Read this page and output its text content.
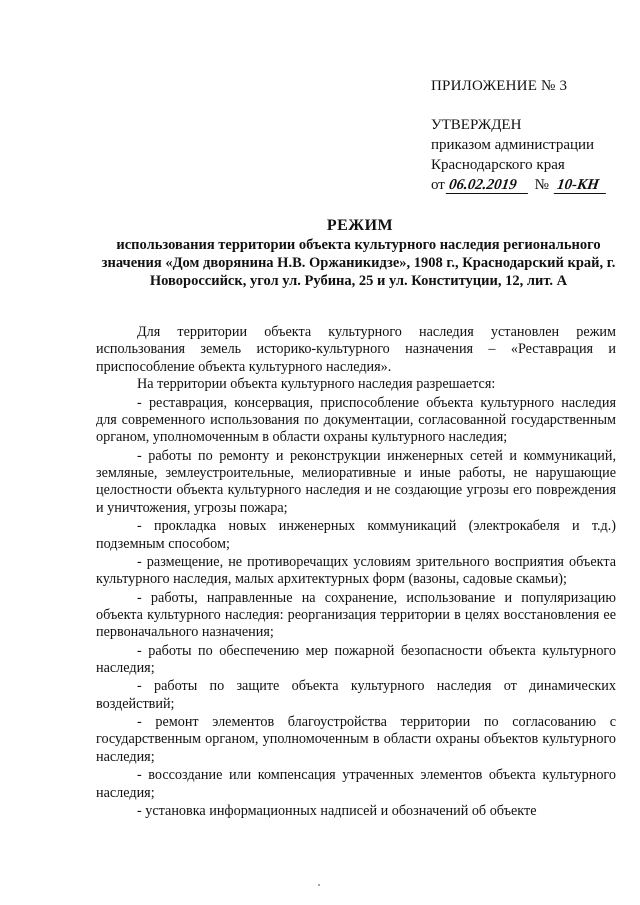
ПРИЛОЖЕНИЕ № 3
УТВЕРЖДЕН
приказом администрации
Краснодарского края
от 06.02.2019 № 10-КН
РЕЖИМ
использования территории объекта культурного наследия регионального значения «Дом дворянина Н.В. Оржаникидзе», 1908 г., Краснодарский край, г. Новороссийск, угол ул. Рубина, 25 и ул. Конституции, 12, лит. А

Для территории объекта культурного наследия установлен режим использования земель историко-культурного назначения – «Реставрация и приспособление объекта культурного наследия».

На территории объекта культурного наследия разрешается:

- реставрация, консервация, приспособление объекта культурного наследия для современного использования по документации, согласованной государственным органом, уполномоченным в области охраны культурного наследия;

- работы по ремонту и реконструкции инженерных сетей и коммуникаций, земляные, землеустроительные, мелиоративные и иные работы, не нарушающие целостности объекта культурного наследия и не создающие угрозы его повреждения и уничтожения, угрозы пожара;

- прокладка новых инженерных коммуникаций (электрокабеля и т.д.) подземным способом;

- размещение, не противоречащих условиям зрительного восприятия объекта культурного наследия, малых архитектурных форм (вазоны, садовые скамьи);

- работы, направленные на сохранение, использование и популяризацию объекта культурного наследия: реорганизация территории в целях восстановления ее первоначального назначения;

- работы по обеспечению мер пожарной безопасности объекта культурного наследия;

- работы по защите объекта культурного наследия от динамических воздействий;

- ремонт элементов благоустройства территории по согласованию с государственным органом, уполномоченным в области охраны объектов культурного наследия;

- воссоздание или компенсация утраченных элементов объекта культурного наследия;

- установка информационных надписей и обозначений об объекте
